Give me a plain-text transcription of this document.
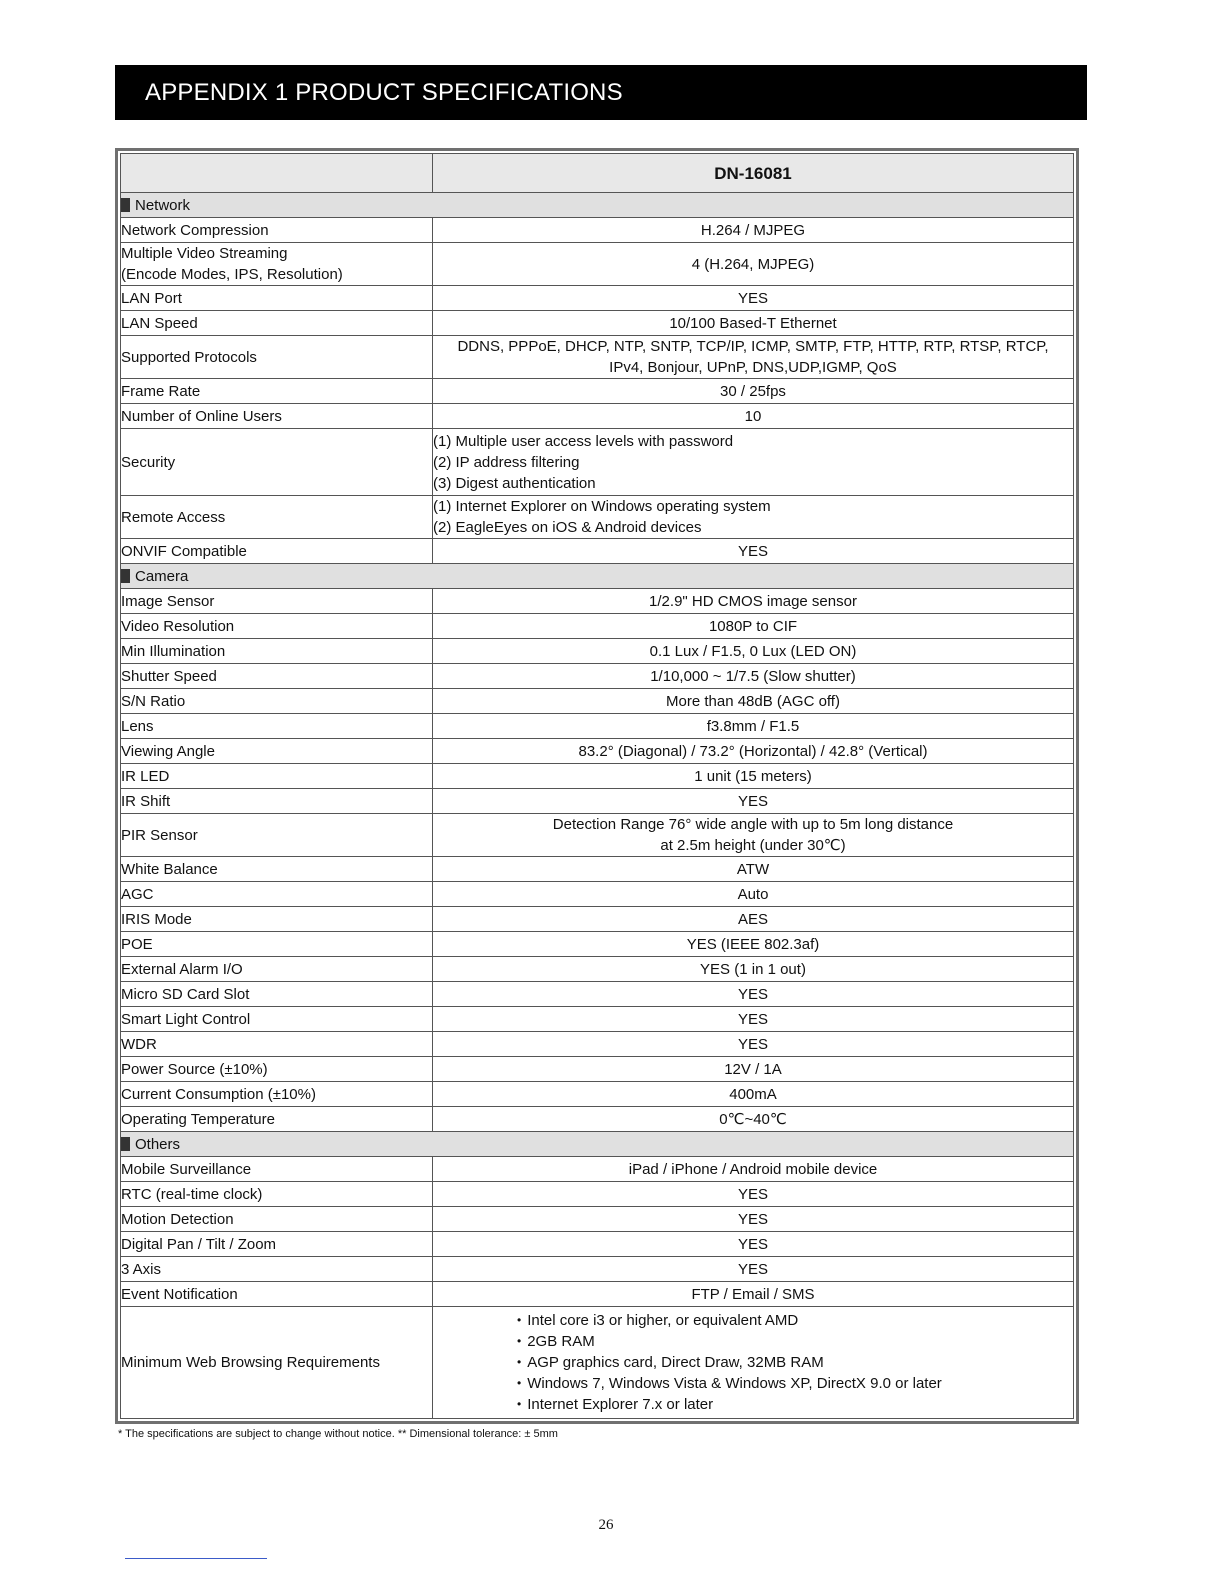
APPENDIX 1 PRODUCT SPECIFICATIONS
	DN-16081
Network	

Network Compression	H.264 / MJPEG

Multiple Video Streaming
(Encode Modes, IPS, Resolution)	4 (H.264, MJPEG)

LAN Port	YES

LAN Speed	10/100 Based-T Ethernet

Supported Protocols	DDNS, PPPoE, DHCP, NTP, SNTP, TCP/IP, ICMP, SMTP, FTP, HTTP, RTP, RTSP, RTCP,
IPv4, Bonjour, UPnP, DNS,UDP,IGMP, QoS

Frame Rate	30 / 25fps

Number of Online Users	10

Security	(1) Multiple user access levels with password
(2) IP address filtering
(3) Digest authentication

Remote Access	(1) Internet Explorer on Windows operating system
(2) EagleEyes on iOS & Android devices

ONVIF Compatible	YES

Camera	

Image Sensor	1/2.9" HD CMOS image sensor

Video Resolution	1080P to CIF

Min Illumination	0.1 Lux / F1.5, 0 Lux (LED ON)

Shutter Speed	1/10,000 ~ 1/7.5 (Slow shutter)

S/N Ratio	More than 48dB (AGC off)

Lens	f3.8mm / F1.5

Viewing Angle	83.2° (Diagonal) / 73.2° (Horizontal) / 42.8° (Vertical)

IR LED	1 unit (15 meters)

IR Shift	YES

PIR Sensor	Detection Range 76° wide angle with up to 5m long distance
at 2.5m height (under 30℃)

White Balance	ATW

AGC	Auto

IRIS Mode	AES

POE	YES (IEEE 802.3af)

External Alarm I/O	YES (1 in 1 out)

Micro SD Card Slot	YES

Smart Light Control	YES

WDR	YES

Power Source (±10%)	12V / 1A

Current Consumption (±10%)	400mA

Operating Temperature	0℃~40℃

Others	

Mobile Surveillance	iPad / iPhone / Android mobile device

RTC (real-time clock)	YES

Motion Detection	YES

Digital Pan / Tilt / Zoom	YES

3 Axis	YES

Event Notification	FTP / Email / SMS

Minimum Web Browsing Requirements	• Intel core i3 or higher, or equivalent AMD
• 2GB RAM
• AGP graphics card, Direct Draw, 32MB RAM
• Windows 7, Windows Vista & Windows XP, DirectX 9.0 or later
• Internet Explorer 7.x or later
* The specifications are subject to change without notice. ** Dimensional tolerance: ± 5mm
26
